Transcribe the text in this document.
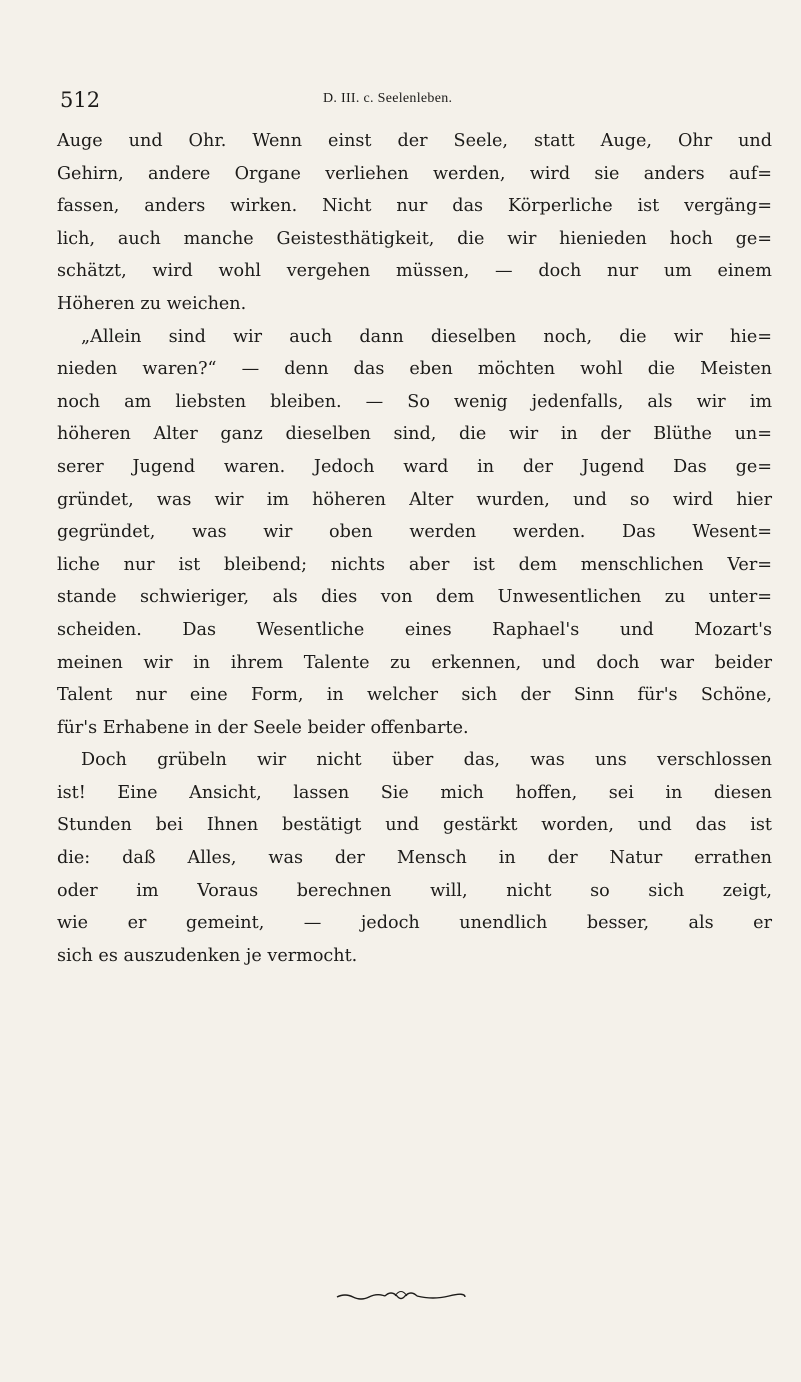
512	D. III. c. Seelenleben.
Auge und Ohr. Wenn einst der Seele, statt Auge, Ohr und
Gehirn, andere Organe verliehen werden, wird sie anders auf=
fassen, anders wirken. Nicht nur das Körperliche ist vergäng=
lich, auch manche Geistesthätigkeit, die wir hienieden hoch ge=
schätzt, wird wohl vergehen müssen, — doch nur um einem
Höheren zu weichen.
„Allein sind wir auch dann dieselben noch, die wir hie=
nieden waren?“ — denn das eben möchten wohl die Meisten
noch am liebsten bleiben. — So wenig jedenfalls, als wir im
höheren Alter ganz dieselben sind, die wir in der Blüthe un=
serer Jugend waren. Jedoch ward in der Jugend Das ge=
gründet, was wir im höheren Alter wurden, und so wird hier
gegründet, was wir oben werden werden. Das Wesent=
liche nur ist bleibend; nichts aber ist dem menschlichen Ver=
stande schwieriger, als dies von dem Unwesentlichen zu unter=
scheiden. Das Wesentliche eines Raphael's und Mozart's
meinen wir in ihrem Talente zu erkennen, und doch war beider
Talent nur eine Form, in welcher sich der Sinn für's Schöne,
für's Erhabene in der Seele beider offenbarte.
Doch grübeln wir nicht über das, was uns verschlossen
ist! Eine Ansicht, lassen Sie mich hoffen, sei in diesen
Stunden bei Ihnen bestätigt und gestärkt worden, und das ist
die: daß Alles, was der Mensch in der Natur errathen
oder im Voraus berechnen will, nicht so sich zeigt,
wie er gemeint, — jedoch unendlich besser, als er
sich es auszudenken je vermocht.
